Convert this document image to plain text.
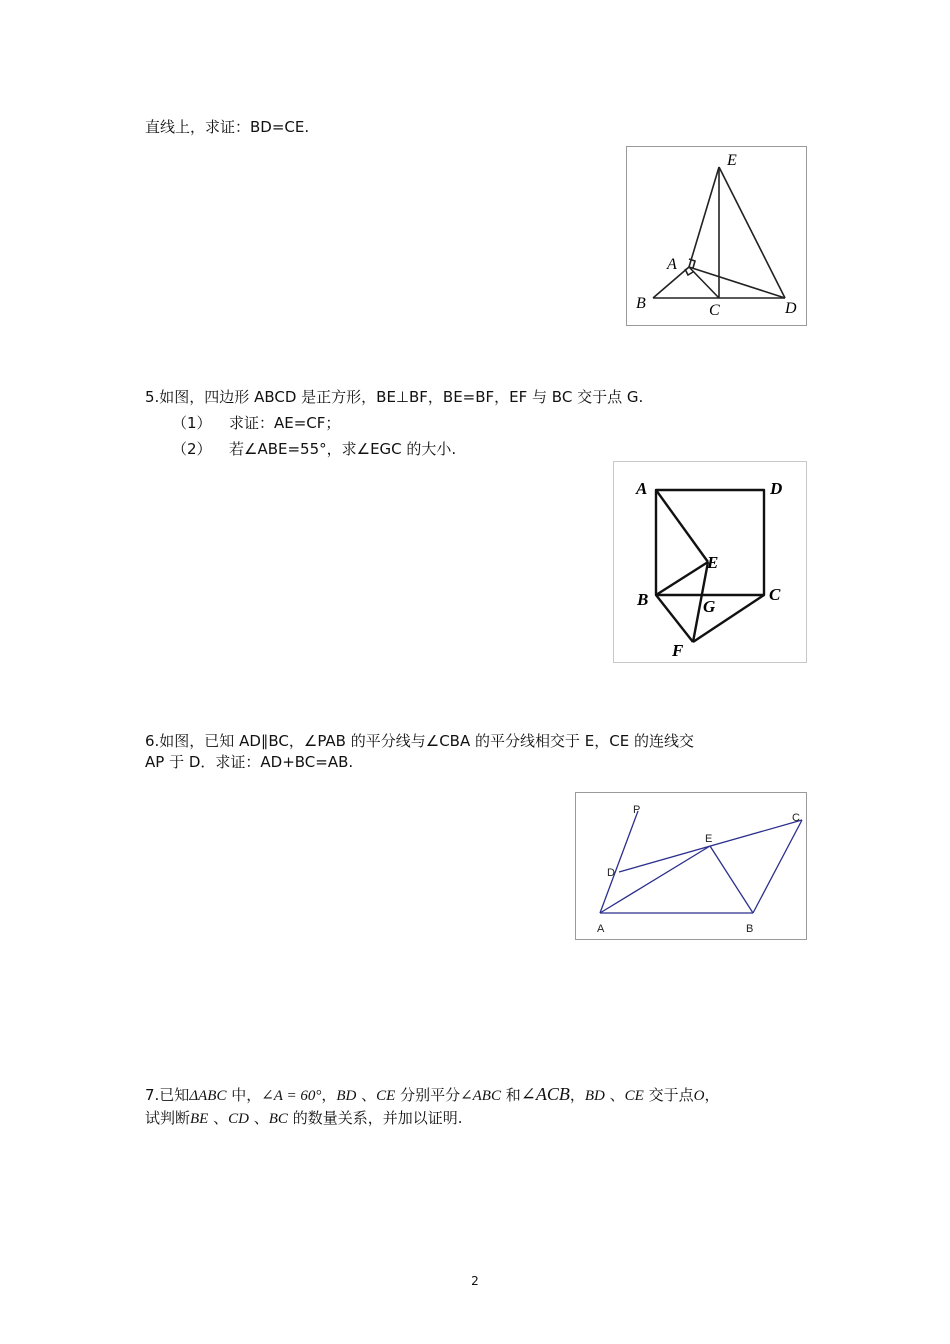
直线上，求证：BD=CE.
E
A
B	C	D
5.如图，四边形 ABCD 是正方形，BE⊥BF，BE=BF，EF 与 BC 交于点 G.
（1） 求证：AE=CF；
（2） 若∠ABE=55°，求∠EGC 的大小.
A	D
E
B	G
C
F
6.如图，已知 AD∥BC，∠PAB 的平分线与∠CBA 的平分线相交于 E，CE 的连线交
AP 于 D．求证：AD+BC=AB.
P
E
C
D
A	B
7.已知ΔABC 中，∠A = 60°，BD 、CE 分别平分∠ABC 和∠ACB，BD 、CE 交于点O，
试判断BE 、CD 、BC 的数量关系，并加以证明.
2
